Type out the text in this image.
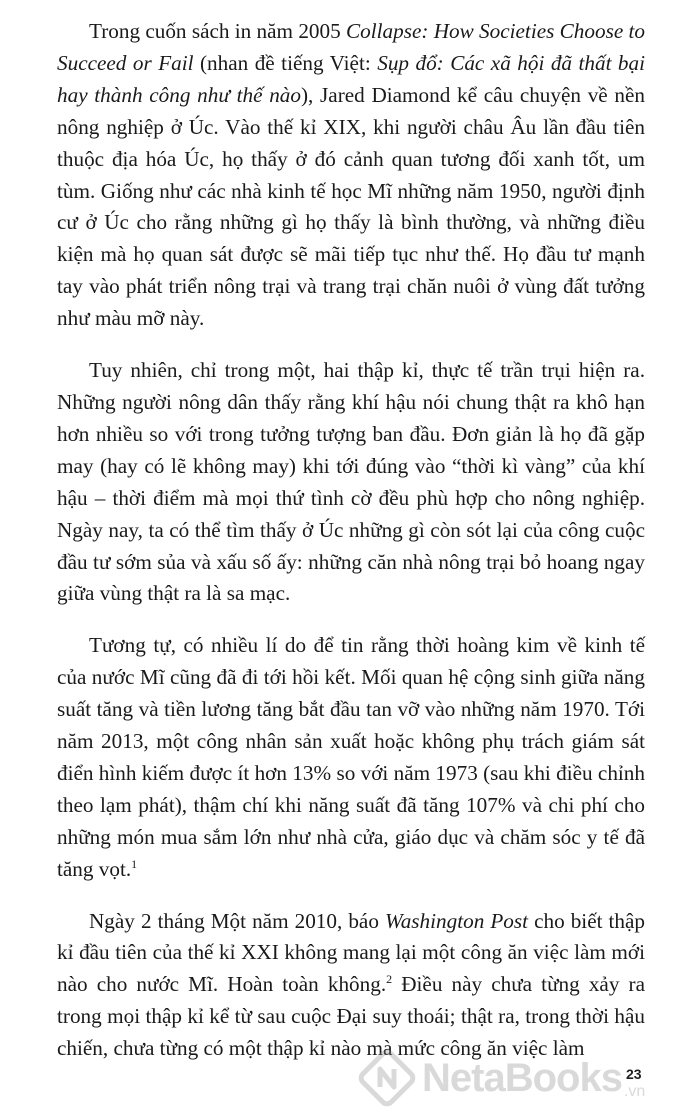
Trong cuốn sách in năm 2005 Collapse: How Societies Choose to Succeed or Fail (nhan đề tiếng Việt: Sụp đổ: Các xã hội đã thất bại hay thành công như thế nào), Jared Diamond kể câu chuyện về nền nông nghiệp ở Úc. Vào thế kỉ XIX, khi người châu Âu lần đầu tiên thuộc địa hóa Úc, họ thấy ở đó cảnh quan tương đối xanh tốt, um tùm. Giống như các nhà kinh tế học Mĩ những năm 1950, người định cư ở Úc cho rằng những gì họ thấy là bình thường, và những điều kiện mà họ quan sát được sẽ mãi tiếp tục như thế. Họ đầu tư mạnh tay vào phát triển nông trại và trang trại chăn nuôi ở vùng đất tưởng như màu mỡ này.

Tuy nhiên, chỉ trong một, hai thập kỉ, thực tế trần trụi hiện ra. Những người nông dân thấy rằng khí hậu nói chung thật ra khô hạn hơn nhiều so với trong tưởng tượng ban đầu. Đơn giản là họ đã gặp may (hay có lẽ không may) khi tới đúng vào “thời kì vàng” của khí hậu – thời điểm mà mọi thứ tình cờ đều phù hợp cho nông nghiệp. Ngày nay, ta có thể tìm thấy ở Úc những gì còn sót lại của công cuộc đầu tư sớm sủa và xấu số ấy: những căn nhà nông trại bỏ hoang ngay giữa vùng thật ra là sa mạc.

Tương tự, có nhiều lí do để tin rằng thời hoàng kim về kinh tế của nước Mĩ cũng đã đi tới hồi kết. Mối quan hệ cộng sinh giữa năng suất tăng và tiền lương tăng bắt đầu tan vỡ vào những năm 1970. Tới năm 2013, một công nhân sản xuất hoặc không phụ trách giám sát điển hình kiếm được ít hơn 13% so với năm 1973 (sau khi điều chỉnh theo lạm phát), thậm chí khi năng suất đã tăng 107% và chi phí cho những món mua sắm lớn như nhà cửa, giáo dục và chăm sóc y tế đã tăng vọt.$^1$

Ngày 2 tháng Một năm 2010, báo Washington Post cho biết thập kỉ đầu tiên của thế kỉ XXI không mang lại một công ăn việc làm mới nào cho nước Mĩ. Hoàn toàn không.$^2$ Điều này chưa từng xảy ra trong mọi thập kỉ kể từ sau cuộc Đại suy thoái; thật ra, trong thời hậu chiến, chưa từng có một thập kỉ nào mà mức công ăn việc làm

NetaBooks .vn
23
